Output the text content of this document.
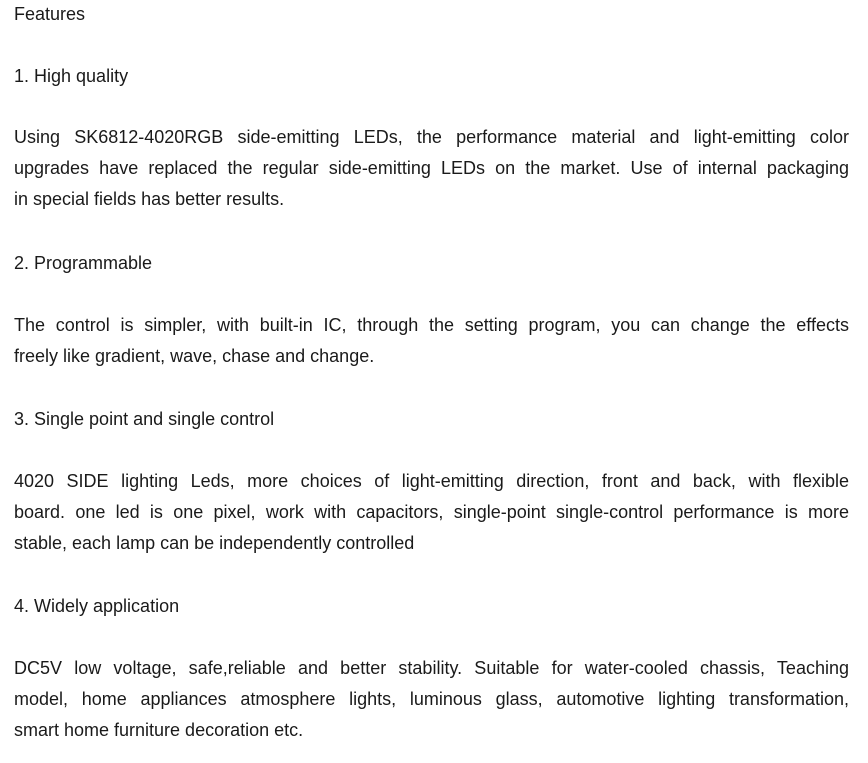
Features
1. High quality
Using SK6812-4020RGB side-emitting LEDs, the performance material and light-emitting color
upgrades have replaced the regular side-emitting LEDs on the market. Use of internal packaging
in special fields has better results.
2. Programmable
The control is simpler, with built-in IC, through the setting program, you can change the effects
freely like gradient, wave, chase and change.
3. Single point and single control
4020 SIDE lighting Leds, more choices of light-emitting direction, front and back, with flexible
board. one led is one pixel, work with capacitors, single-point single-control performance is more
stable, each lamp can be independently controlled
4. Widely application
DC5V low voltage, safe,reliable and better stability. Suitable for water-cooled chassis, Teaching
model, home appliances atmosphere lights, luminous glass, automotive lighting transformation,
smart home furniture decoration etc.
